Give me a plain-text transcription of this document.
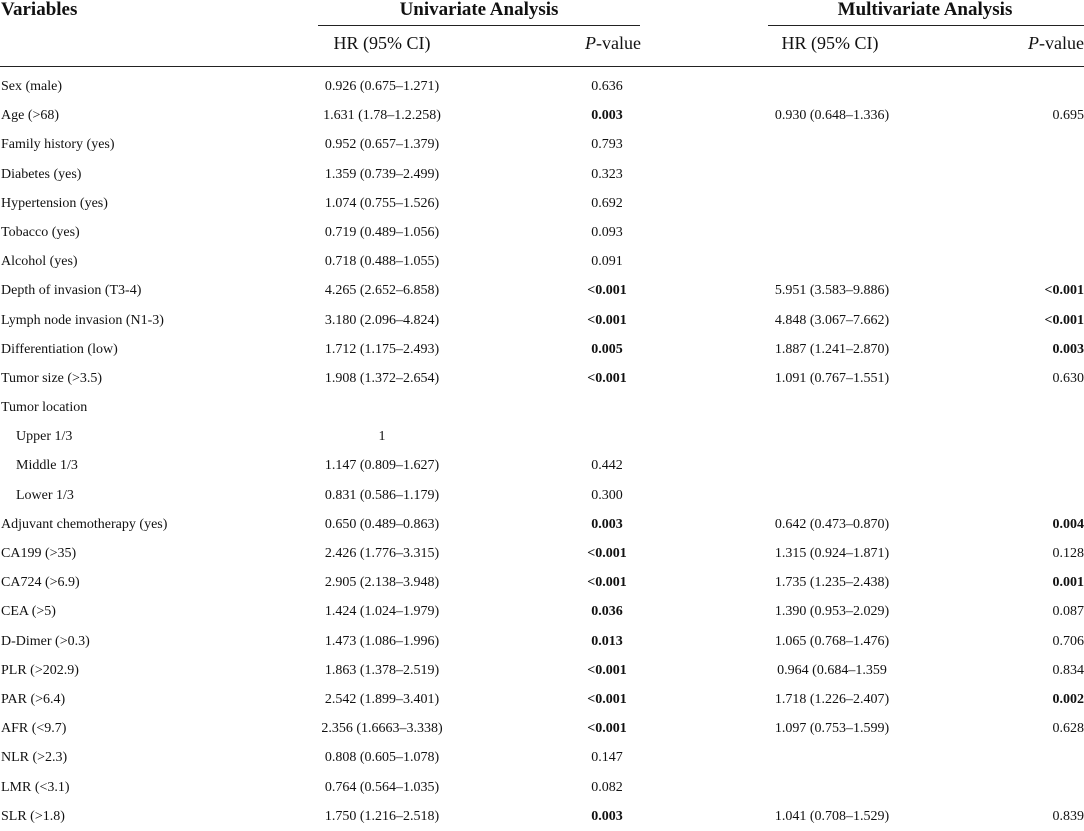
Variables	Univariate Analysis	Multivariate Analysis
HR (95% CI)	P-value	HR (95% CI)	P-value
Sex (male)	0.926 (0.675–1.271)	0.636
Age (>68)	1.631 (1.78–1.2.258)	0.003	0.930 (0.648–1.336)	0.695
Family history (yes)	0.952 (0.657–1.379)	0.793
Diabetes (yes)	1.359 (0.739–2.499)	0.323
Hypertension (yes)	1.074 (0.755–1.526)	0.692
Tobacco (yes)	0.719 (0.489–1.056)	0.093
Alcohol (yes)	0.718 (0.488–1.055)	0.091
Depth of invasion (T3-4)	4.265 (2.652–6.858)	<0.001	5.951 (3.583–9.886)	<0.001
Lymph node invasion (N1-3)	3.180 (2.096–4.824)	<0.001	4.848 (3.067–7.662)	<0.001
Differentiation (low)	1.712 (1.175–2.493)	0.005	1.887 (1.241–2.870)	0.003
Tumor size (>3.5)	1.908 (1.372–2.654)	<0.001	1.091 (0.767–1.551)	0.630
Tumor location
Upper 1/3	1
Middle 1/3	1.147 (0.809–1.627)	0.442
Lower 1/3	0.831 (0.586–1.179)	0.300
Adjuvant chemotherapy (yes)	0.650 (0.489–0.863)	0.003	0.642 (0.473–0.870)	0.004
CA199 (>35)	2.426 (1.776–3.315)	<0.001	1.315 (0.924–1.871)	0.128
CA724 (>6.9)	2.905 (2.138–3.948)	<0.001	1.735 (1.235–2.438)	0.001
CEA (>5)	1.424 (1.024–1.979)	0.036	1.390 (0.953–2.029)	0.087
D-Dimer (>0.3)	1.473 (1.086–1.996)	0.013	1.065 (0.768–1.476)	0.706
PLR (>202.9)	1.863 (1.378–2.519)	<0.001	0.964 (0.684–1.359	0.834
PAR (>6.4)	2.542 (1.899–3.401)	<0.001	1.718 (1.226–2.407)	0.002
AFR (<9.7)	2.356 (1.6663–3.338)	<0.001	1.097 (0.753–1.599)	0.628
NLR (>2.3)	0.808 (0.605–1.078)	0.147
LMR (<3.1)	0.764 (0.564–1.035)	0.082
SLR (>1.8)	1.750 (1.216–2.518)	0.003	1.041 (0.708–1.529)	0.839
